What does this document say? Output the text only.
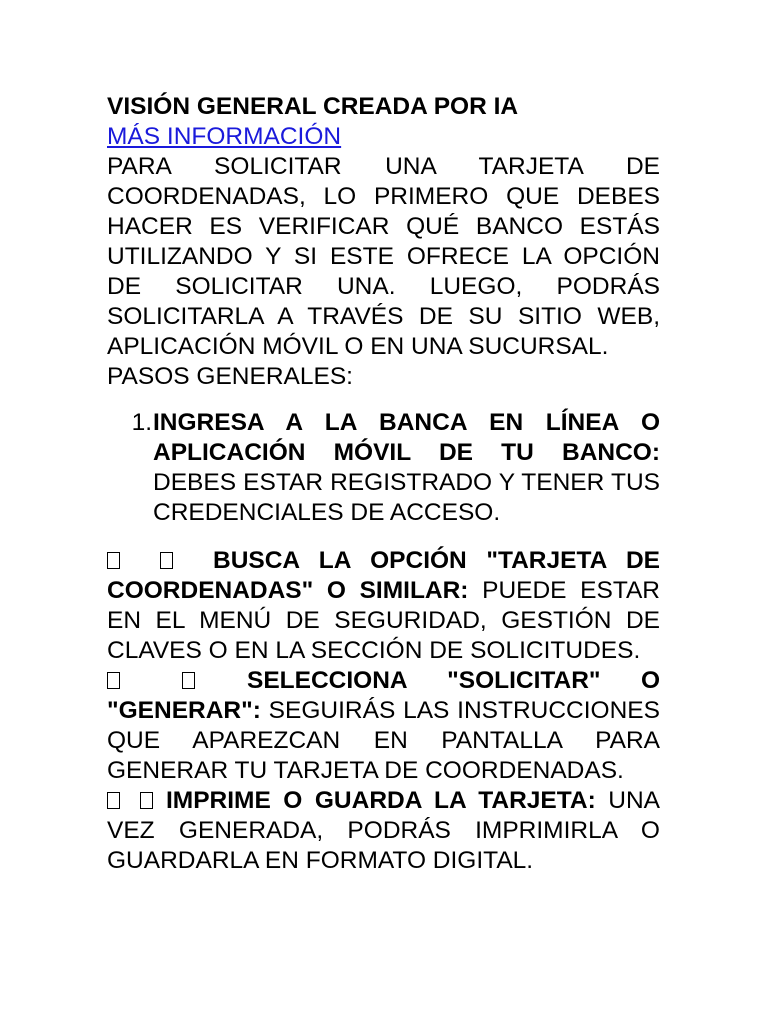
VISIÓN GENERAL CREADA POR IA

MÁS INFORMACIÓN

PARA SOLICITAR UNA TARJETA DE COORDENADAS, LO PRIMERO QUE DEBES HACER ES VERIFICAR QUÉ BANCO ESTÁS UTILIZANDO Y SI ESTE OFRECE LA OPCIÓN DE SOLICITAR UNA. LUEGO, PODRÁS SOLICITARLA A TRAVÉS DE SU SITIO WEB, APLICACIÓN MÓVIL O EN UNA SUCURSAL.

PASOS GENERALES:

1. INGRESA A LA BANCA EN LÍNEA O APLICACIÓN MÓVIL DE TU BANCO: DEBES ESTAR REGISTRADO Y TENER TUS CREDENCIALES DE ACCESO.

BUSCA LA OPCIÓN "TARJETA DE COORDENADAS" O SIMILAR: PUEDE ESTAR EN EL MENÚ DE SEGURIDAD, GESTIÓN DE CLAVES O EN LA SECCIÓN DE SOLICITUDES.

SELECCIONA "SOLICITAR" O "GENERAR": SEGUIRÁS LAS INSTRUCCIONES QUE APAREZCAN EN PANTALLA PARA GENERAR TU TARJETA DE COORDENADAS.

IMPRIME O GUARDA LA TARJETA: UNA VEZ GENERADA, PODRÁS IMPRIMIRLA O GUARDARLA EN FORMATO DIGITAL.
